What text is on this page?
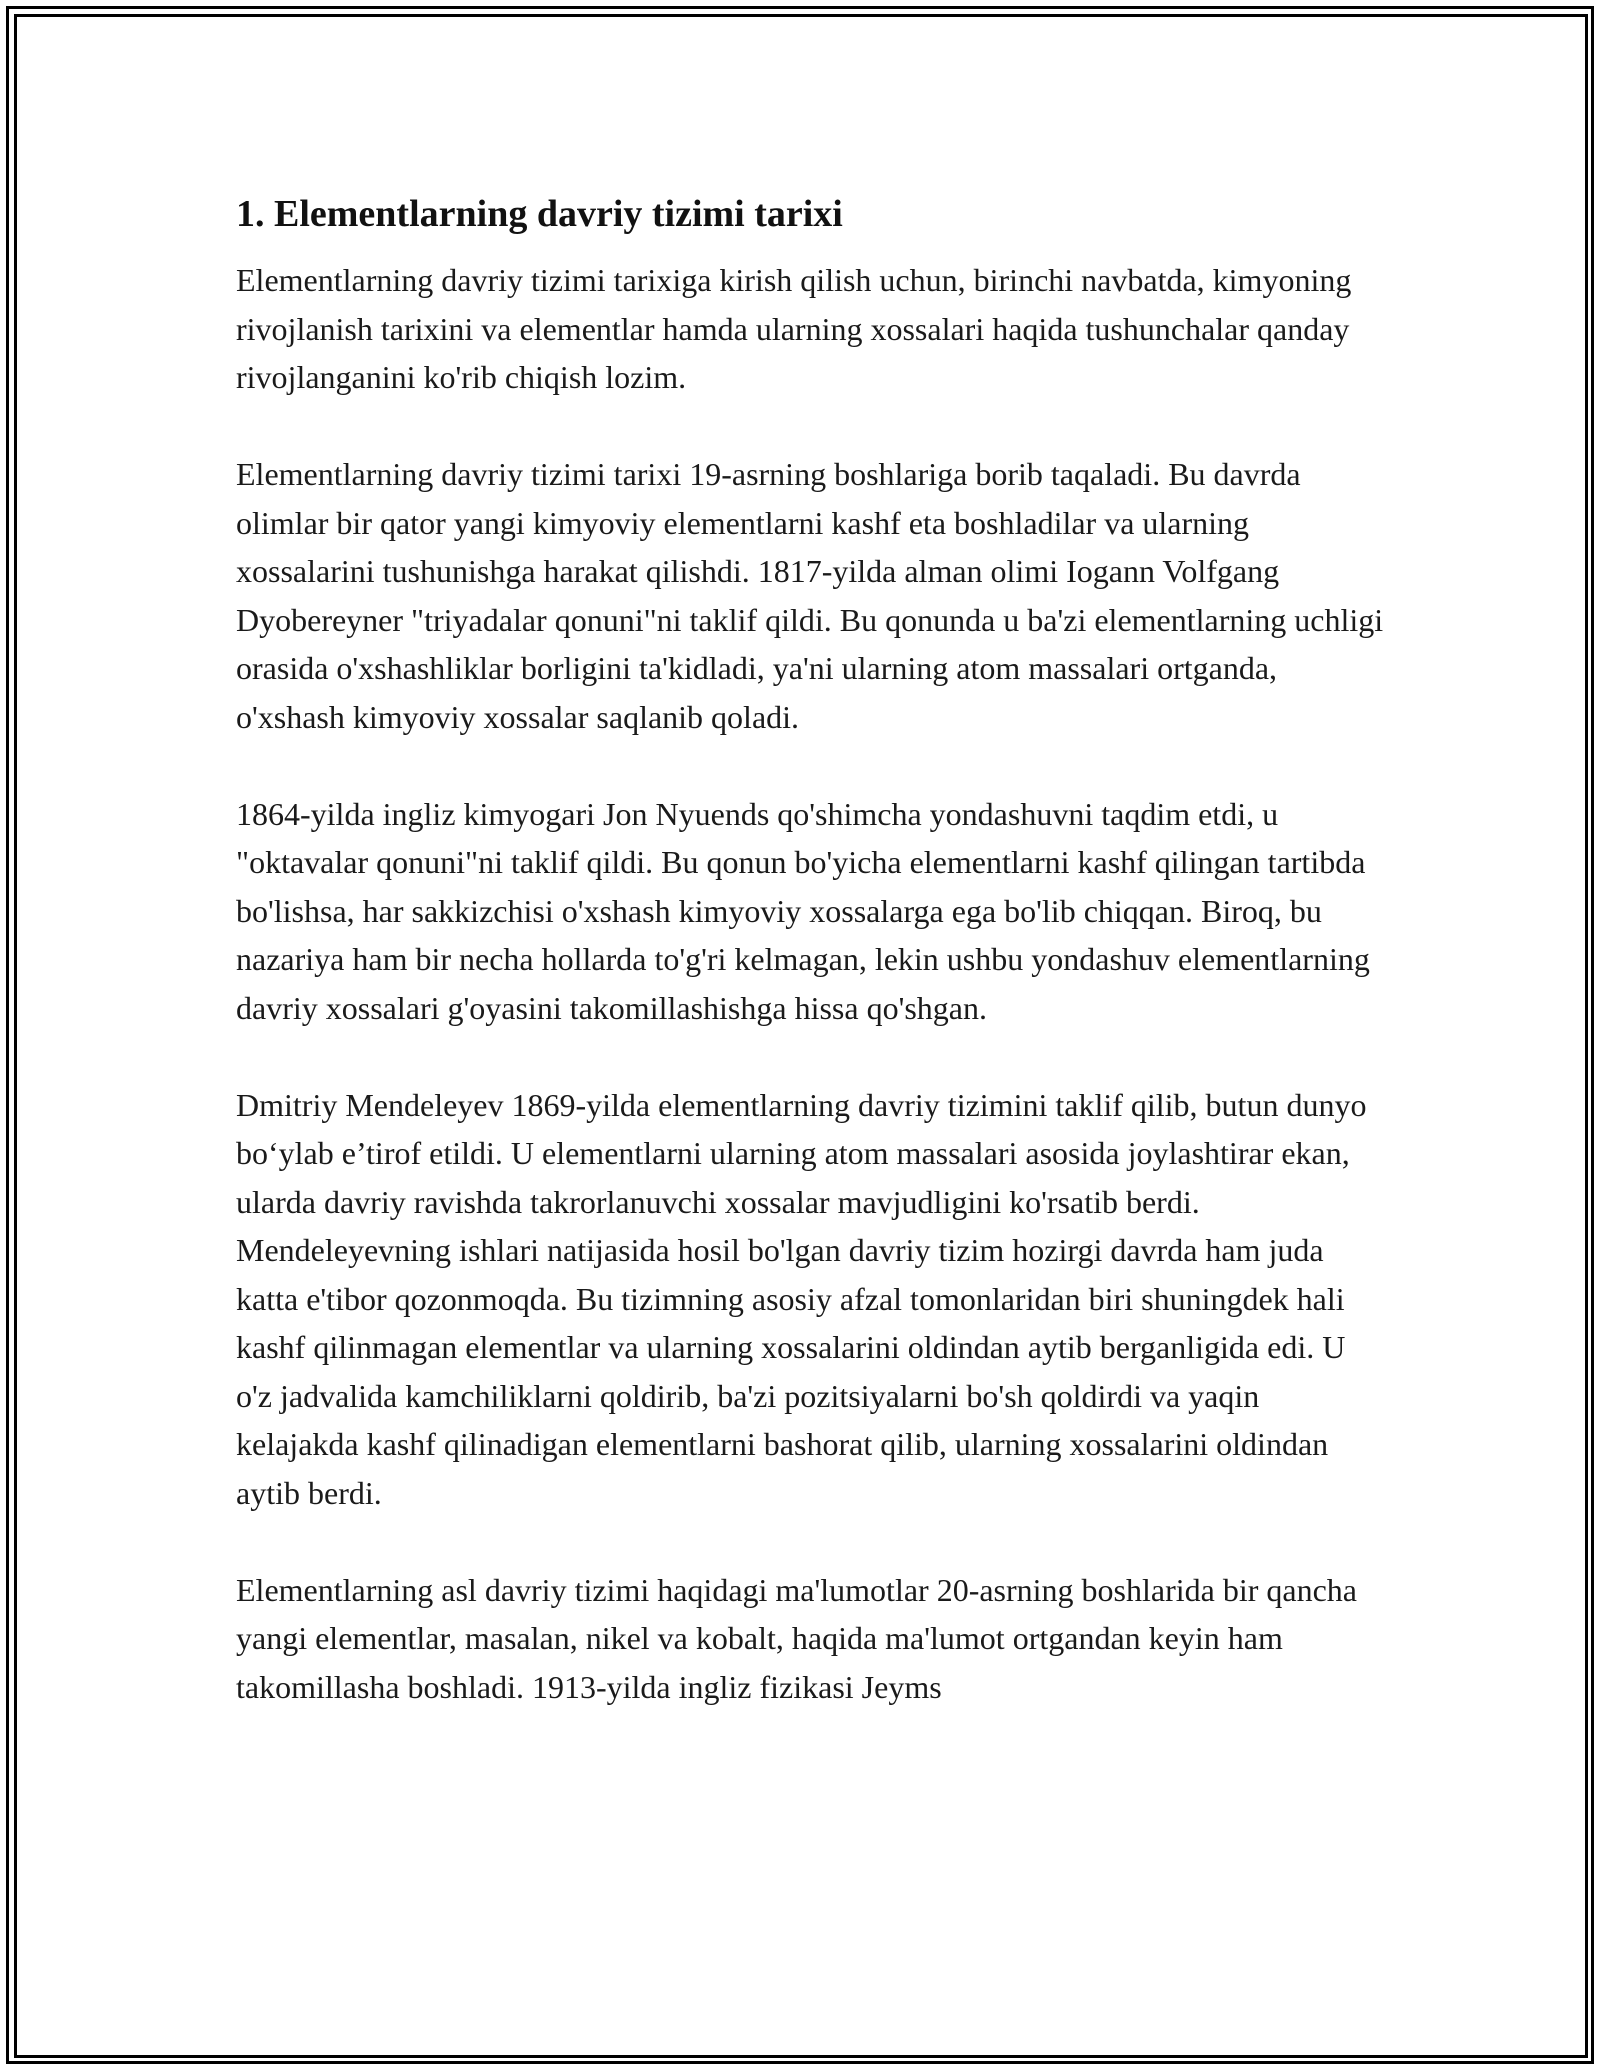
1. Elementlarning davriy tizimi tarixi

Elementlarning davriy tizimi tarixiga kirish qilish uchun, birinchi navbatda, kimyoning rivojlanish tarixini va elementlar hamda ularning xossalari haqida tushunchalar qanday rivojlanganini ko'rib chiqish lozim.

Elementlarning davriy tizimi tarixi 19-asrning boshlariga borib taqaladi. Bu davrda olimlar bir qator yangi kimyoviy elementlarni kashf eta boshladilar va ularning xossalarini tushunishga harakat qilishdi. 1817-yilda alman olimi Iogann Volfgang Dyobereyner "triyadalar qonuni"ni taklif qildi. Bu qonunda u ba'zi elementlarning uchligi orasida o'xshashliklar borligini ta'kidladi, ya'ni ularning atom massalari ortganda, o'xshash kimyoviy xossalar saqlanib qoladi.

1864-yilda ingliz kimyogari Jon Nyuends qo'shimcha yondashuvni taqdim etdi, u "oktavalar qonuni"ni taklif qildi. Bu qonun bo'yicha elementlarni kashf qilingan tartibda bo'lishsa, har sakkizchisi o'xshash kimyoviy xossalarga ega bo'lib chiqqan. Biroq, bu nazariya ham bir necha hollarda to'g'ri kelmagan, lekin ushbu yondashuv elementlarning davriy xossalari g'oyasini takomillashishga hissa qo'shgan.

Dmitriy Mendeleyev 1869-yilda elementlarning davriy tizimini taklif qilib, butun dunyo bo‘ylab e’tirof etildi. U elementlarni ularning atom massalari asosida joylashtirar ekan, ularda davriy ravishda takrorlanuvchi xossalar mavjudligini ko'rsatib berdi. Mendeleyevning ishlari natijasida hosil bo'lgan davriy tizim hozirgi davrda ham juda katta e'tibor qozonmoqda. Bu tizimning asosiy afzal tomonlaridan biri shuningdek hali kashf qilinmagan elementlar va ularning xossalarini oldindan aytib berganligida edi. U o'z jadvalida kamchiliklarni qoldirib, ba'zi pozitsiyalarni bo'sh qoldirdi va yaqin kelajakda kashf qilinadigan elementlarni bashorat qilib, ularning xossalarini oldindan aytib berdi.

Elementlarning asl davriy tizimi haqidagi ma'lumotlar 20-asrning boshlarida bir qancha yangi elementlar, masalan, nikel va kobalt, haqida ma'lumot ortgandan keyin ham takomillasha boshladi. 1913-yilda ingliz fizikasi Jeyms
